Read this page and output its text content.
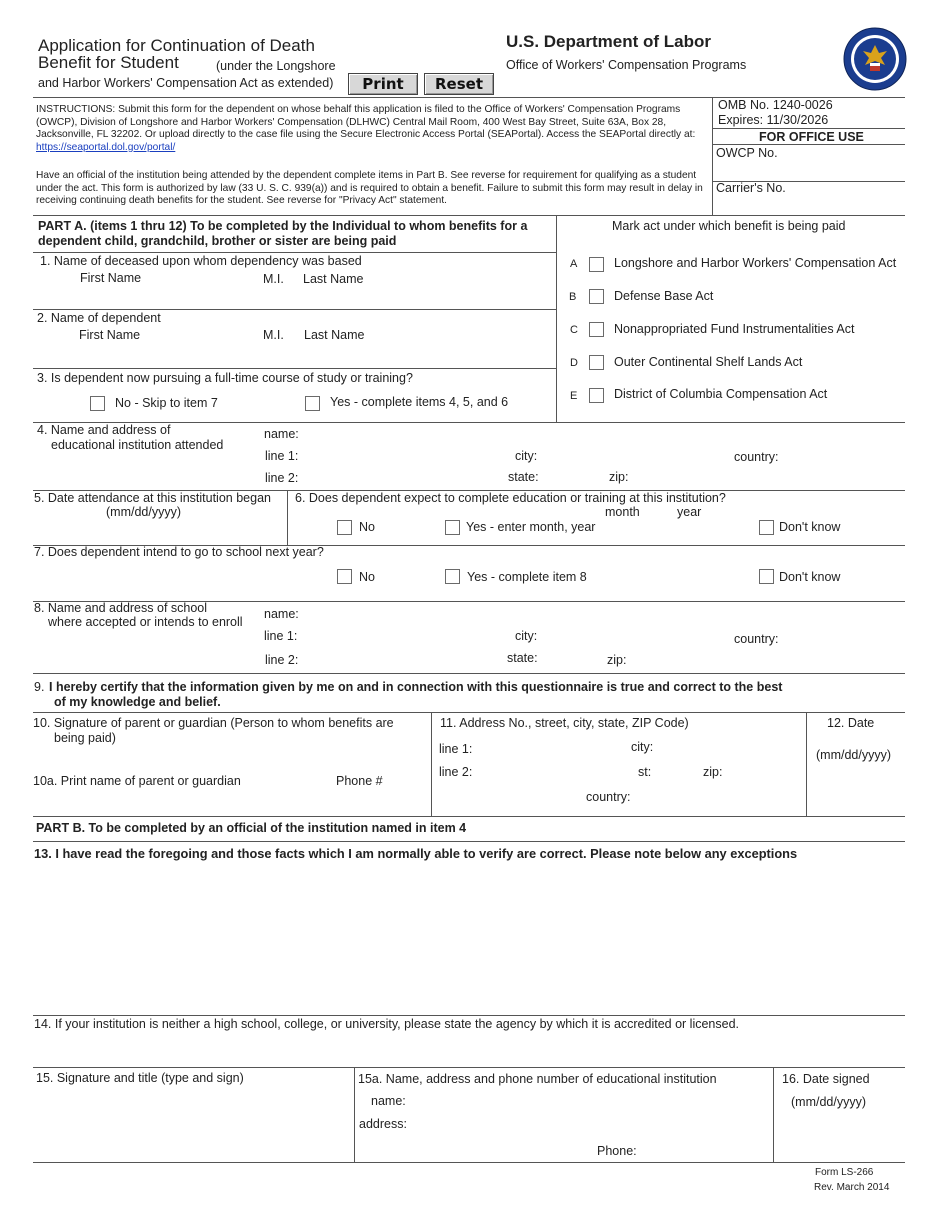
Application for Continuation of Death
Benefit for Student	(under the Longshore
and Harbor Workers' Compensation Act as extended)	Print	Reset
U.S. Department of Labor
Office of Workers' Compensation Programs
INSTRUCTIONS: Submit this form for the dependent on whose behalf this application is filed to the Office of Workers' Compensation Programs (OWCP), Division of Longshore and Harbor Workers' Compensation (DLHWC) Central Mail Room, 400 West Bay Street, Suite 63A, Box 28, Jacksonville, FL 32202. Or upload directly to the case file using the Secure Electronic Access Portal (SEAPortal). Access the SEAPortal directly at: https://seaportal.dol.gov/portal/
Have an official of the institution being attended by the dependent complete items in Part B. See reverse for requirement for qualifying as a student under the act. This form is authorized by law (33 U. S. C. 939(a)) and is required to obtain a benefit. Failure to submit this form may result in delay in receiving continuing death benefits for the student. See reverse for "Privacy Act" statement.
OMB No. 1240-0026
Expires: 11/30/2026
FOR OFFICE USE
OWCP No.
Carrier's No.
PART A. (items 1 thru 12) To be completed by the Individual to whom benefits for a
dependent child, grandchild, brother or sister are being paid
1. Name of deceased upon whom dependency was based
First Name	M.I. Last Name
2. Name of dependent
First Name	M.I. Last Name
3. Is dependent now pursuing a full-time course of study or training?
No - Skip to item 7	Yes - complete items 4, 5, and 6
Mark act under which benefit is being paid
A	Longshore and Harbor Workers' Compensation Act
B	Defense Base Act
C	Nonappropriated Fund Instrumentalities Act
D	Outer Continental Shelf Lands Act
E	District of Columbia Compensation Act
4. Name and address of
educational institution attended
name:
line 1:
line 2:
city:
state:	zip:
country:
5. Date attendance at this institution began
(mm/dd/yyyy)
6. Does dependent expect to complete education or training at this institution?
month	year
No	Yes - enter month, year	Don't know
7. Does dependent intend to go to school next year?
No	Yes - complete item 8	Don't know
8. Name and address of school
where accepted or intends to enroll
name:
line 1:
line 2:
city:
state:	zip:
country:
9. I hereby certify that the information given by me on and in connection with this questionnaire is true and correct to the best
of my knowledge and belief.
10. Signature of parent or guardian (Person to whom benefits are
being paid)
10a. Print name of parent or guardian	Phone #
11. Address No., street, city, state, ZIP Code)
line 1:	city:
line 2:	st:	zip:
country:
12. Date
(mm/dd/yyyy)
PART B. To be completed by an official of the institution named in item 4
13. I have read the foregoing and those facts which I am normally able to verify are correct. Please note below any exceptions
14. If your institution is neither a high school, college, or university, please state the agency by which it is accredited or licensed.
15. Signature and title (type and sign)	15a. Name, address and phone number of educational institution
name:
address:
Phone:
16. Date signed
(mm/dd/yyyy)
Form LS-266
Rev. March 2014
